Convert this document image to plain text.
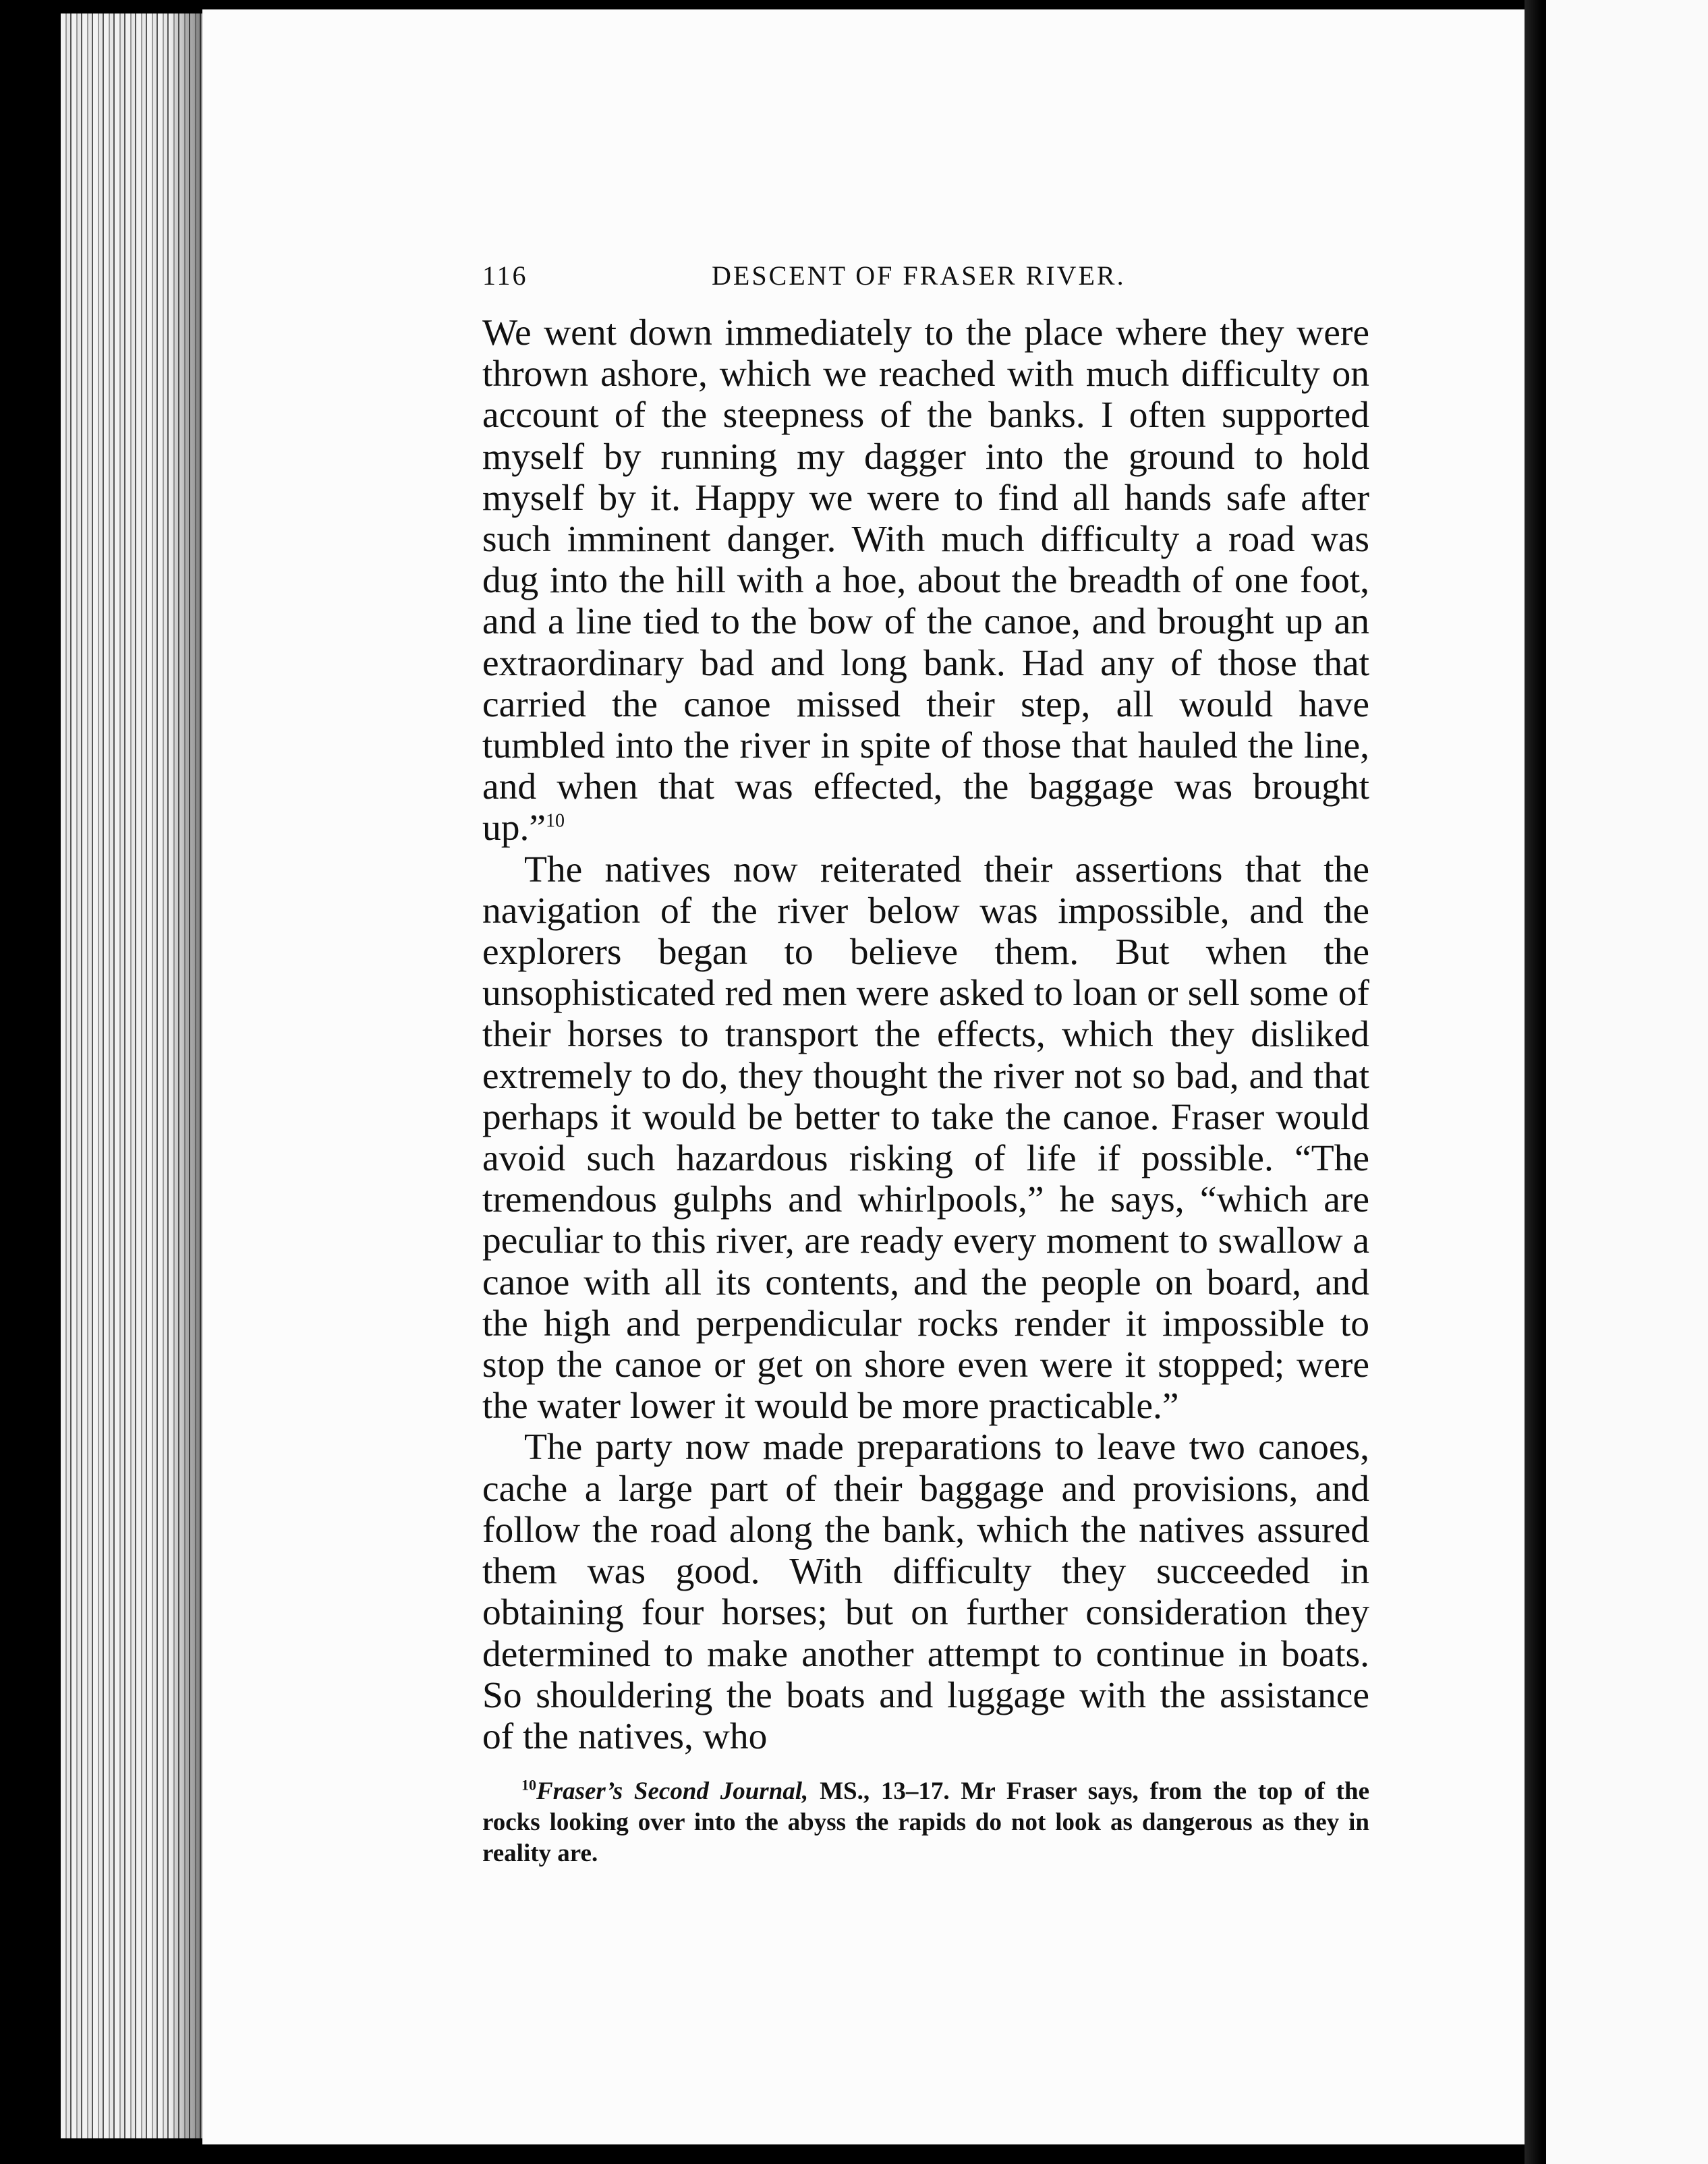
116	DESCENT OF FRASER RIVER.

We went down immediately to the place where they were thrown ashore, which we reached with much difficulty on account of the steepness of the banks. I often supported myself by running my dagger into the ground to hold myself by it. Happy we were to find all hands safe after such imminent danger. With much difficulty a road was dug into the hill with a hoe, about the breadth of one foot, and a line tied to the bow of the canoe, and brought up an extraordinary bad and long bank. Had any of those that carried the canoe missed their step, all would have tumbled into the river in spite of those that hauled the line, and when that was effected, the baggage was brought up.”$^{10}$

The natives now reiterated their assertions that the navigation of the river below was impossible, and the explorers began to believe them. But when the unsophisticated red men were asked to loan or sell some of their horses to transport the effects, which they disliked extremely to do, they thought the river not so bad, and that perhaps it would be better to take the canoe. Fraser would avoid such hazardous risking of life if possible. “The tremendous gulphs and whirlpools,” he says, “which are peculiar to this river, are ready every moment to swallow a canoe with all its contents, and the people on board, and the high and perpendicular rocks render it impossible to stop the canoe or get on shore even were it stopped; were the water lower it would be more practicable.”

The party now made preparations to leave two canoes, cache a large part of their baggage and provisions, and follow the road along the bank, which the natives assured them was good. With difficulty they succeeded in obtaining four horses; but on further consideration they determined to make another attempt to continue in boats. So shouldering the boats and luggage with the assistance of the natives, who

$^{10}$Fraser’s Second Journal, MS., 13–17. Mr Fraser says, from the top of the rocks looking over into the abyss the rapids do not look as dangerous as they in reality are.
